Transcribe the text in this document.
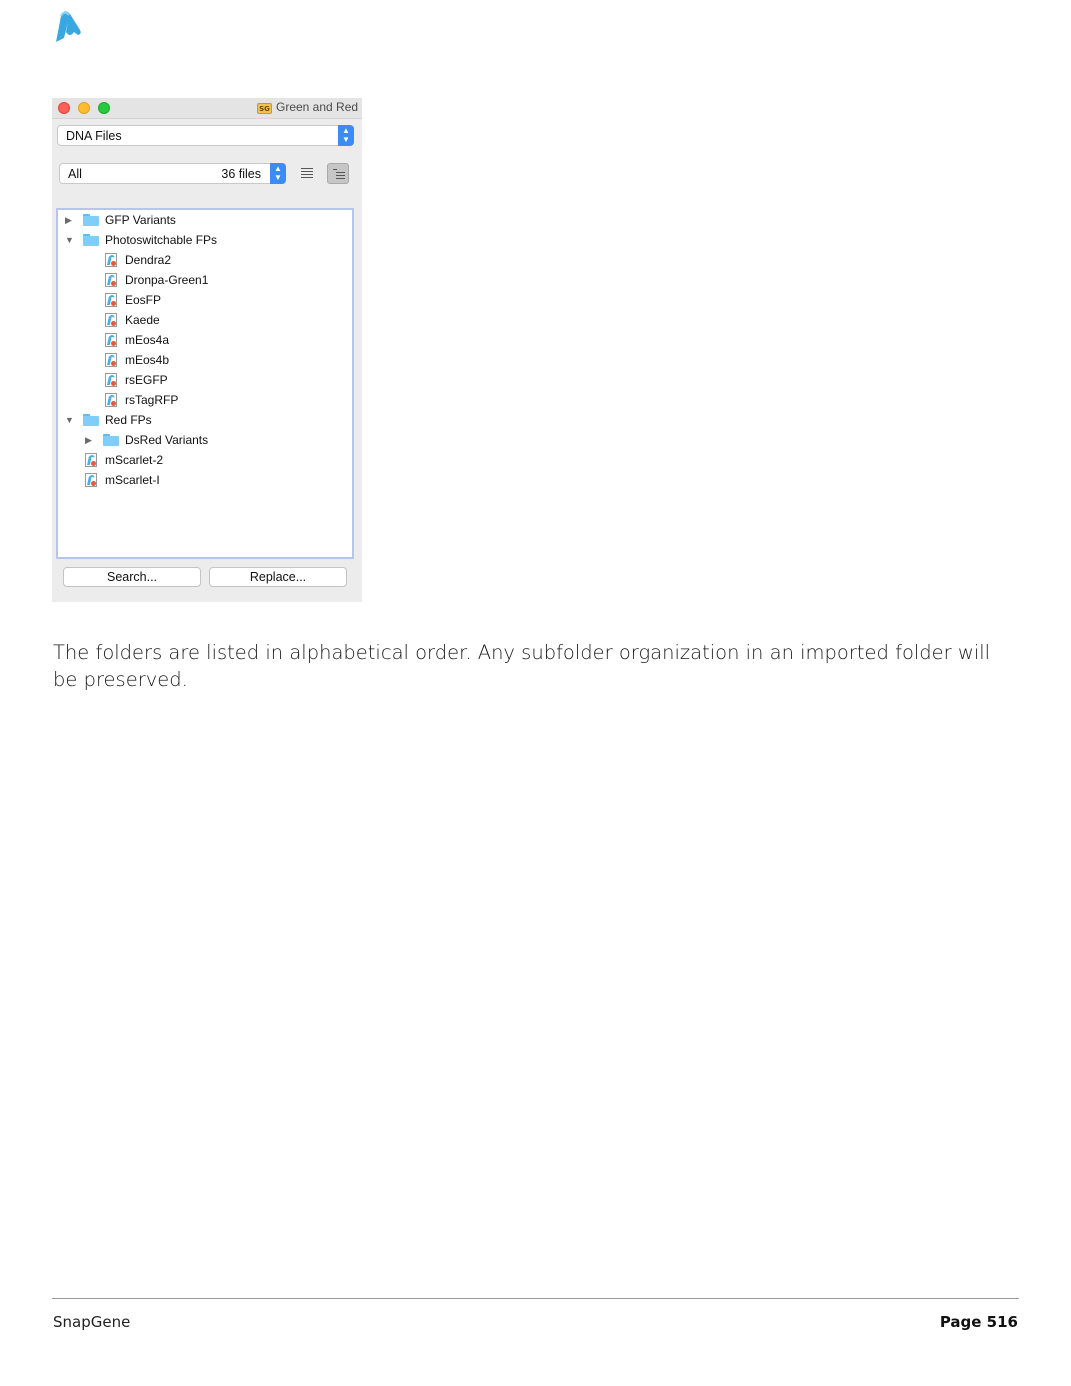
SG Green and Red
DNA Files	▲
▼
All	36 files	▲
▼
▶	GFP Variants
▼	Photoswitchable FPs
Dendra2
Dronpa-Green1
EosFP
Kaede
mEos4a
mEos4b
rsEGFP
rsTagRFP
▼	Red FPs
▶	DsRed Variants
mScarlet-2
mScarlet-I
Search...	Replace...

The folders are listed in alphabetical order. Any subfolder organization in an imported folder will be preserved.

SnapGene	Page 516
